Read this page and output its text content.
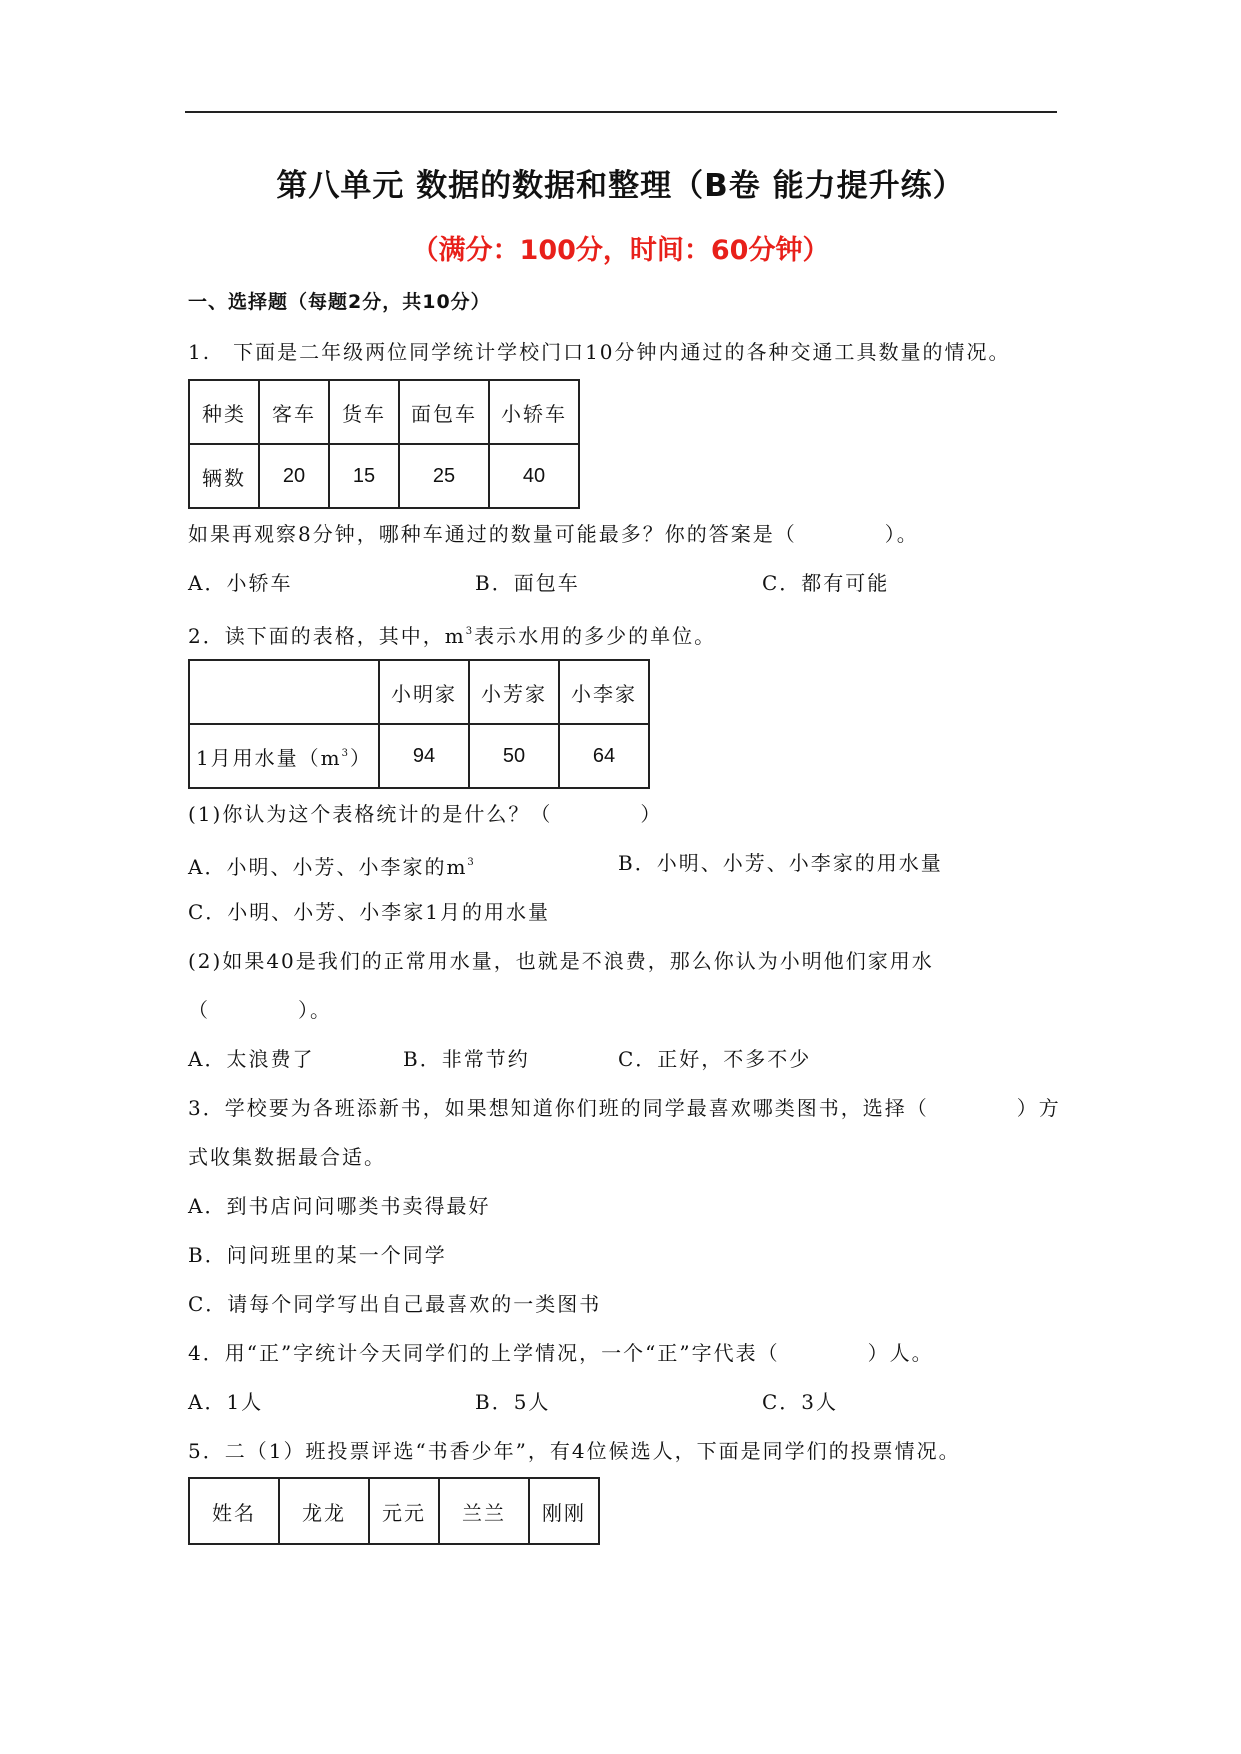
第八单元 数据的数据和整理（B卷 能力提升练）
（满分：100分，时间：60分钟）
一、选择题（每题2分，共10分）
1.　下面是二年级两位同学统计学校门口10分钟内通过的各种交通工具数量的情况。
种类	客车	货车	面包车	小轿车
辆数	20	15	25	40
如果再观察8分钟，哪种车通过的数量可能最多？你的答案是（　　　　）。
A．小轿车	B．面包车	C．都有可能
2．读下面的表格，其中，$m^3$表示水用的多少的单位。
	小明家	小芳家	小李家
1月用水量$(m^3)$	94	50	64
(1)你认为这个表格统计的是什么？（　　　　）
A．小明、小芳、小李家的$m^3$	B．小明、小芳、小李家的用水量
C．小明、小芳、小李家1月的用水量
(2)如果40是我们的正常用水量，也就是不浪费，那么你认为小明他们家用水
（　　　　）。
A．太浪费了	B．非常节约	C．正好，不多不少
3．学校要为各班添新书，如果想知道你们班的同学最喜欢哪类图书，选择（　　　　）方
式收集数据最合适。
A．到书店问问哪类书卖得最好
B．问问班里的某一个同学
C．请每个同学写出自己最喜欢的一类图书
4．用“正”字统计今天同学们的上学情况，一个“正”字代表（　　　　）人。
A．1人	B．5人	C．3人
5．二（1）班投票评选“书香少年”，有4位候选人，下面是同学们的投票情况。
姓名	龙龙	元元	兰兰	刚刚
